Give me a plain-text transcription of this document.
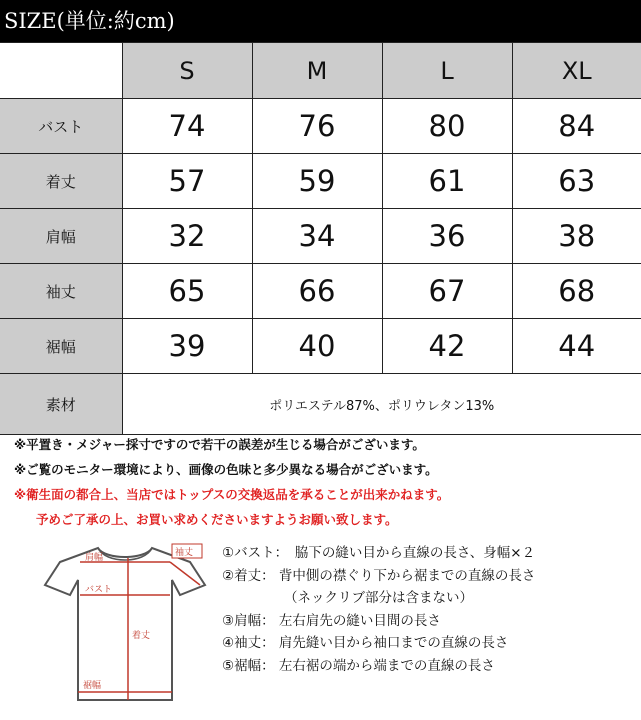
SIZE(単位:約cm)
	S	M	L	XL
バスト	74	76	80	84
着丈	57	59	61	63
肩幅	32	34	36	38
袖丈	65	66	67	68
裾幅	39	40	42	44
素材	ポリエステル87%、ポリウレタン13%			
※平置き・メジャー採寸ですので若干の誤差が生じる場合がございます。
※ご覧のモニター環境により、画像の色味と多少異なる場合がございます。
※衛生面の都合上、当店ではトップスの交換返品を承ることが出来かねます。
予めご了承の上、お買い求めくださいますようお願い致します。
袖丈
肩幅
バスト
着丈
裾幅
①バスト：　脇下の縫い目から直線の長さ、身幅×２
②着丈： 背中側の襟ぐり下から裾までの直線の長さ
（ネックリブ部分は含まない）
③肩幅： 左右肩先の縫い目間の長さ
④袖丈： 肩先縫い目から袖口までの直線の長さ
⑤裾幅： 左右裾の端から端までの直線の長さ
